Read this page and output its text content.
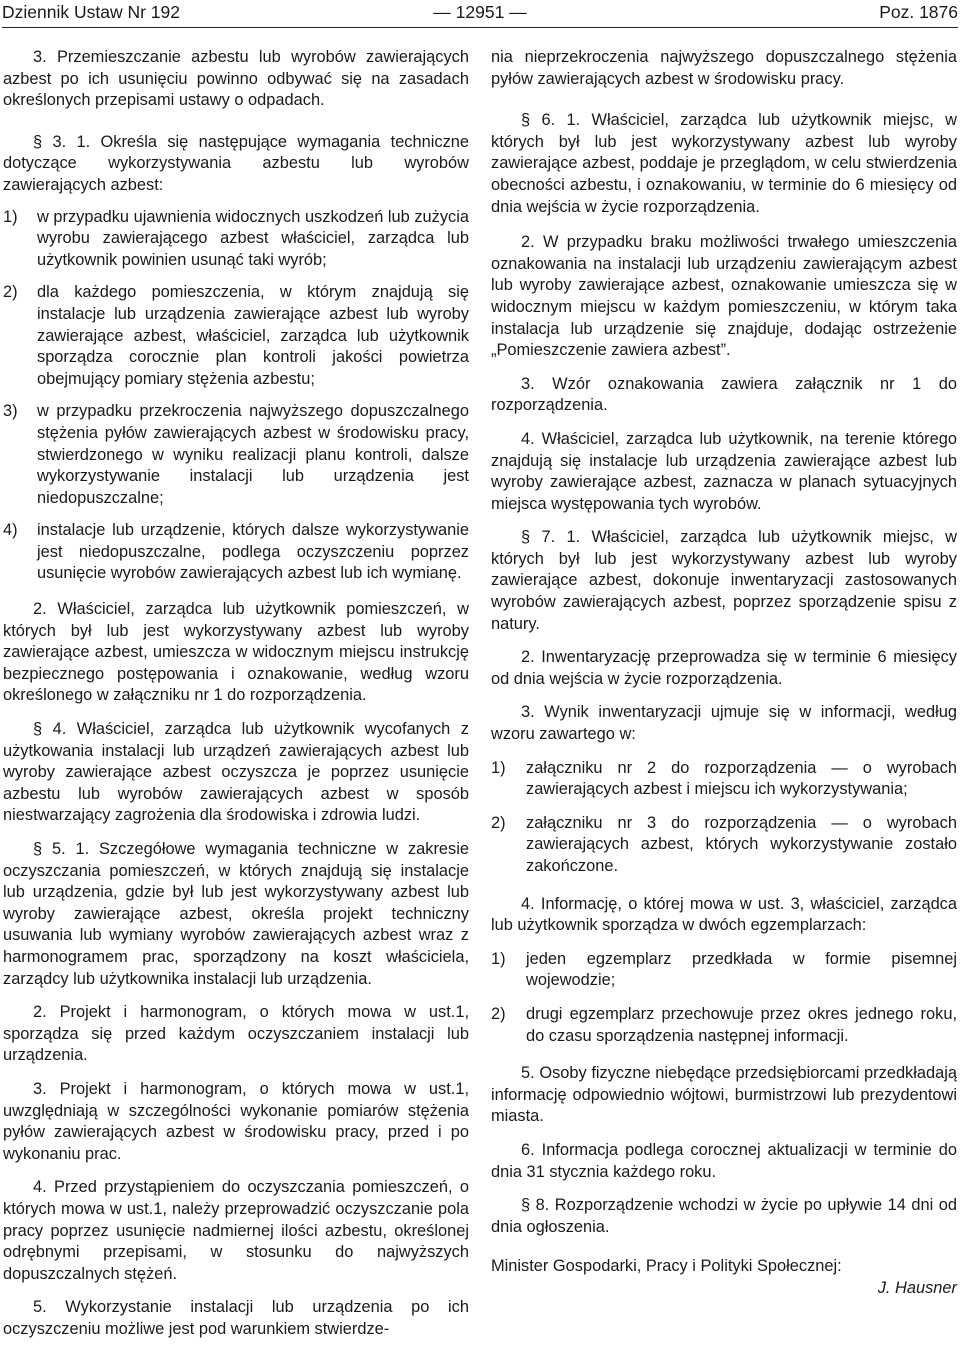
Dziennik Ustaw Nr 192	— 12951 —	Poz. 1876

3. Przemieszczanie azbestu lub wyrobów zawierających azbest po ich usunięciu powinno odbywać się na zasadach określonych przepisami ustawy o odpadach.

§ 3. 1. Określa się następujące wymagania techniczne dotyczące wykorzystywania azbestu lub wyrobów zawierających azbest:

1)	w przypadku ujawnienia widocznych uszkodzeń lub zużycia wyrobu zawierającego azbest właściciel, zarządca lub użytkownik powinien usunąć taki wyrób;
2)	dla każdego pomieszczenia, w którym znajdują się instalacje lub urządzenia zawierające azbest lub wyroby zawierające azbest, właściciel, zarządca lub użytkownik sporządza corocznie plan kontroli jakości powietrza obejmujący pomiary stężenia azbestu;
3)	w przypadku przekroczenia najwyższego dopuszczalnego stężenia pyłów zawierających azbest w środowisku pracy, stwierdzonego w wyniku realizacji planu kontroli, dalsze wykorzystywanie instalacji lub urządzenia jest niedopuszczalne;
4)	instalacje lub urządzenie, których dalsze wykorzystywanie jest niedopuszczalne, podlega oczyszczeniu poprzez usunięcie wyrobów zawierających azbest lub ich wymianę.

2. Właściciel, zarządca lub użytkownik pomieszczeń, w których był lub jest wykorzystywany azbest lub wyroby zawierające azbest, umieszcza w widocznym miejscu instrukcję bezpiecznego postępowania i oznakowanie, według wzoru określonego w załączniku nr 1 do rozporządzenia.

§ 4. Właściciel, zarządca lub użytkownik wycofanych z użytkowania instalacji lub urządzeń zawierających azbest lub wyroby zawierające azbest oczyszcza je poprzez usunięcie azbestu lub wyrobów zawierających azbest w sposób niestwarzający zagrożenia dla środowiska i zdrowia ludzi.

§ 5. 1. Szczegółowe wymagania techniczne w zakresie oczyszczania pomieszczeń, w których znajdują się instalacje lub urządzenia, gdzie był lub jest wykorzystywany azbest lub wyroby zawierające azbest, określa projekt techniczny usuwania lub wymiany wyrobów zawierających azbest wraz z harmonogramem prac, sporządzony na koszt właściciela, zarządcy lub użytkownika instalacji lub urządzenia.

2. Projekt i harmonogram, o których mowa w ust.1, sporządza się przed każdym oczyszczaniem instalacji lub urządzenia.

3. Projekt i harmonogram, o których mowa w ust.1, uwzględniają w szczególności wykonanie pomiarów stężenia pyłów zawierających azbest w środowisku pracy, przed i po wykonaniu prac.

4. Przed przystąpieniem do oczyszczania pomieszczeń, o których mowa w ust.1, należy przeprowadzić oczyszczanie pola pracy poprzez usunięcie nadmiernej ilości azbestu, określonej odrębnymi przepisami, w stosunku do najwyższych dopuszczalnych stężeń.

5. Wykorzystanie instalacji lub urządzenia po ich oczyszczeniu możliwe jest pod warunkiem stwierdze-

nia nieprzekroczenia najwyższego dopuszczalnego stężenia pyłów zawierających azbest w środowisku pracy.

§ 6. 1. Właściciel, zarządca lub użytkownik miejsc, w których był lub jest wykorzystywany azbest lub wyroby zawierające azbest, poddaje je przeglądom, w celu stwierdzenia obecności azbestu, i oznakowaniu, w terminie do 6 miesięcy od dnia wejścia w życie rozporządzenia.

2. W przypadku braku możliwości trwałego umieszczenia oznakowania na instalacji lub urządzeniu zawierającym azbest lub wyroby zawierające azbest, oznakowanie umieszcza się w widocznym miejscu w każdym pomieszczeniu, w którym taka instalacja lub urządzenie się znajduje, dodając ostrzeżenie „Pomieszczenie zawiera azbest”.

3. Wzór oznakowania zawiera załącznik nr 1 do rozporządzenia.

4. Właściciel, zarządca lub użytkownik, na terenie którego znajdują się instalacje lub urządzenia zawierające azbest lub wyroby zawierające azbest, zaznacza w planach sytuacyjnych miejsca występowania tych wyrobów.

§ 7. 1. Właściciel, zarządca lub użytkownik miejsc, w których był lub jest wykorzystywany azbest lub wyroby zawierające azbest, dokonuje inwentaryzacji zastosowanych wyrobów zawierających azbest, poprzez sporządzenie spisu z natury.

2. Inwentaryzację przeprowadza się w terminie 6 miesięcy od dnia wejścia w życie rozporządzenia.

3. Wynik inwentaryzacji ujmuje się w informacji, według wzoru zawartego w:

1)	załączniku nr 2 do rozporządzenia — o wyrobach zawierających azbest i miejscu ich wykorzystywania;
2)	załączniku nr 3 do rozporządzenia — o wyrobach zawierających azbest, których wykorzystywanie zostało zakończone.

4. Informację, o której mowa w ust. 3, właściciel, zarządca lub użytkownik sporządza w dwóch egzemplarzach:

1)	jeden egzemplarz przedkłada w formie pisemnej wojewodzie;
2)	drugi egzemplarz przechowuje przez okres jednego roku, do czasu sporządzenia następnej informacji.

5. Osoby fizyczne niebędące przedsiębiorcami przedkładają informację odpowiednio wójtowi, burmistrzowi lub prezydentowi miasta.

6. Informacja podlega corocznej aktualizacji w terminie do dnia 31 stycznia każdego roku.

§ 8. Rozporządzenie wchodzi w życie po upływie 14 dni od dnia ogłoszenia.

Minister Gospodarki, Pracy i Polityki Społecznej:

J. Hausner
